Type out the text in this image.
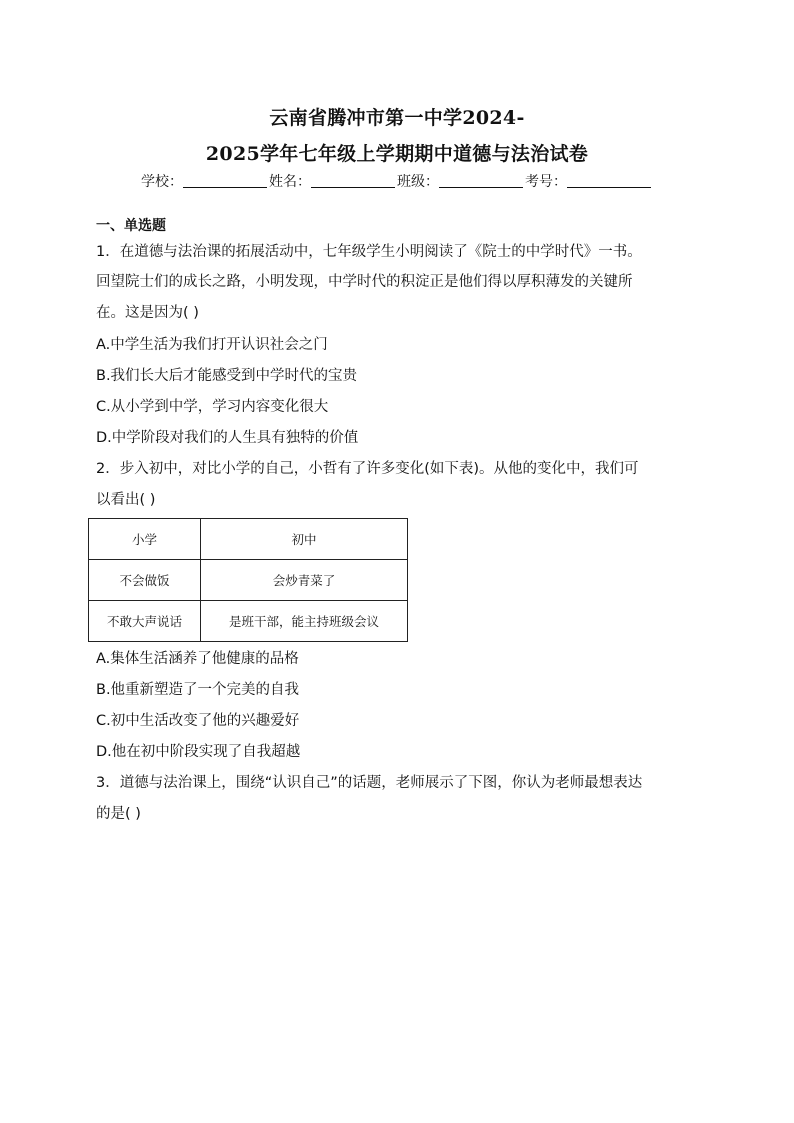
云南省腾冲市第一中学2024-
2025学年七年级上学期期中道德与法治试卷
学校：	姓名：	班级：	考号：
一、单选题
1．在道德与法治课的拓展活动中，七年级学生小明阅读了《院士的中学时代》一书。
回望院士们的成长之路，小明发现，中学时代的积淀正是他们得以厚积薄发的关键所
在。这是因为( )
A.中学生活为我们打开认识社会之门
B.我们长大后才能感受到中学时代的宝贵
C.从小学到中学，学习内容变化很大
D.中学阶段对我们的人生具有独特的价值
2．步入初中，对比小学的自己，小哲有了许多变化(如下表)。从他的变化中，我们可
以看出( )
小学	初中
不会做饭	会炒青菜了
不敢大声说话	是班干部，能主持班级会议
A.集体生活涵养了他健康的品格
B.他重新塑造了一个完美的自我
C.初中生活改变了他的兴趣爱好
D.他在初中阶段实现了自我超越
3．道德与法治课上，围绕“认识自己”的话题，老师展示了下图，你认为老师最想表达
的是( )
